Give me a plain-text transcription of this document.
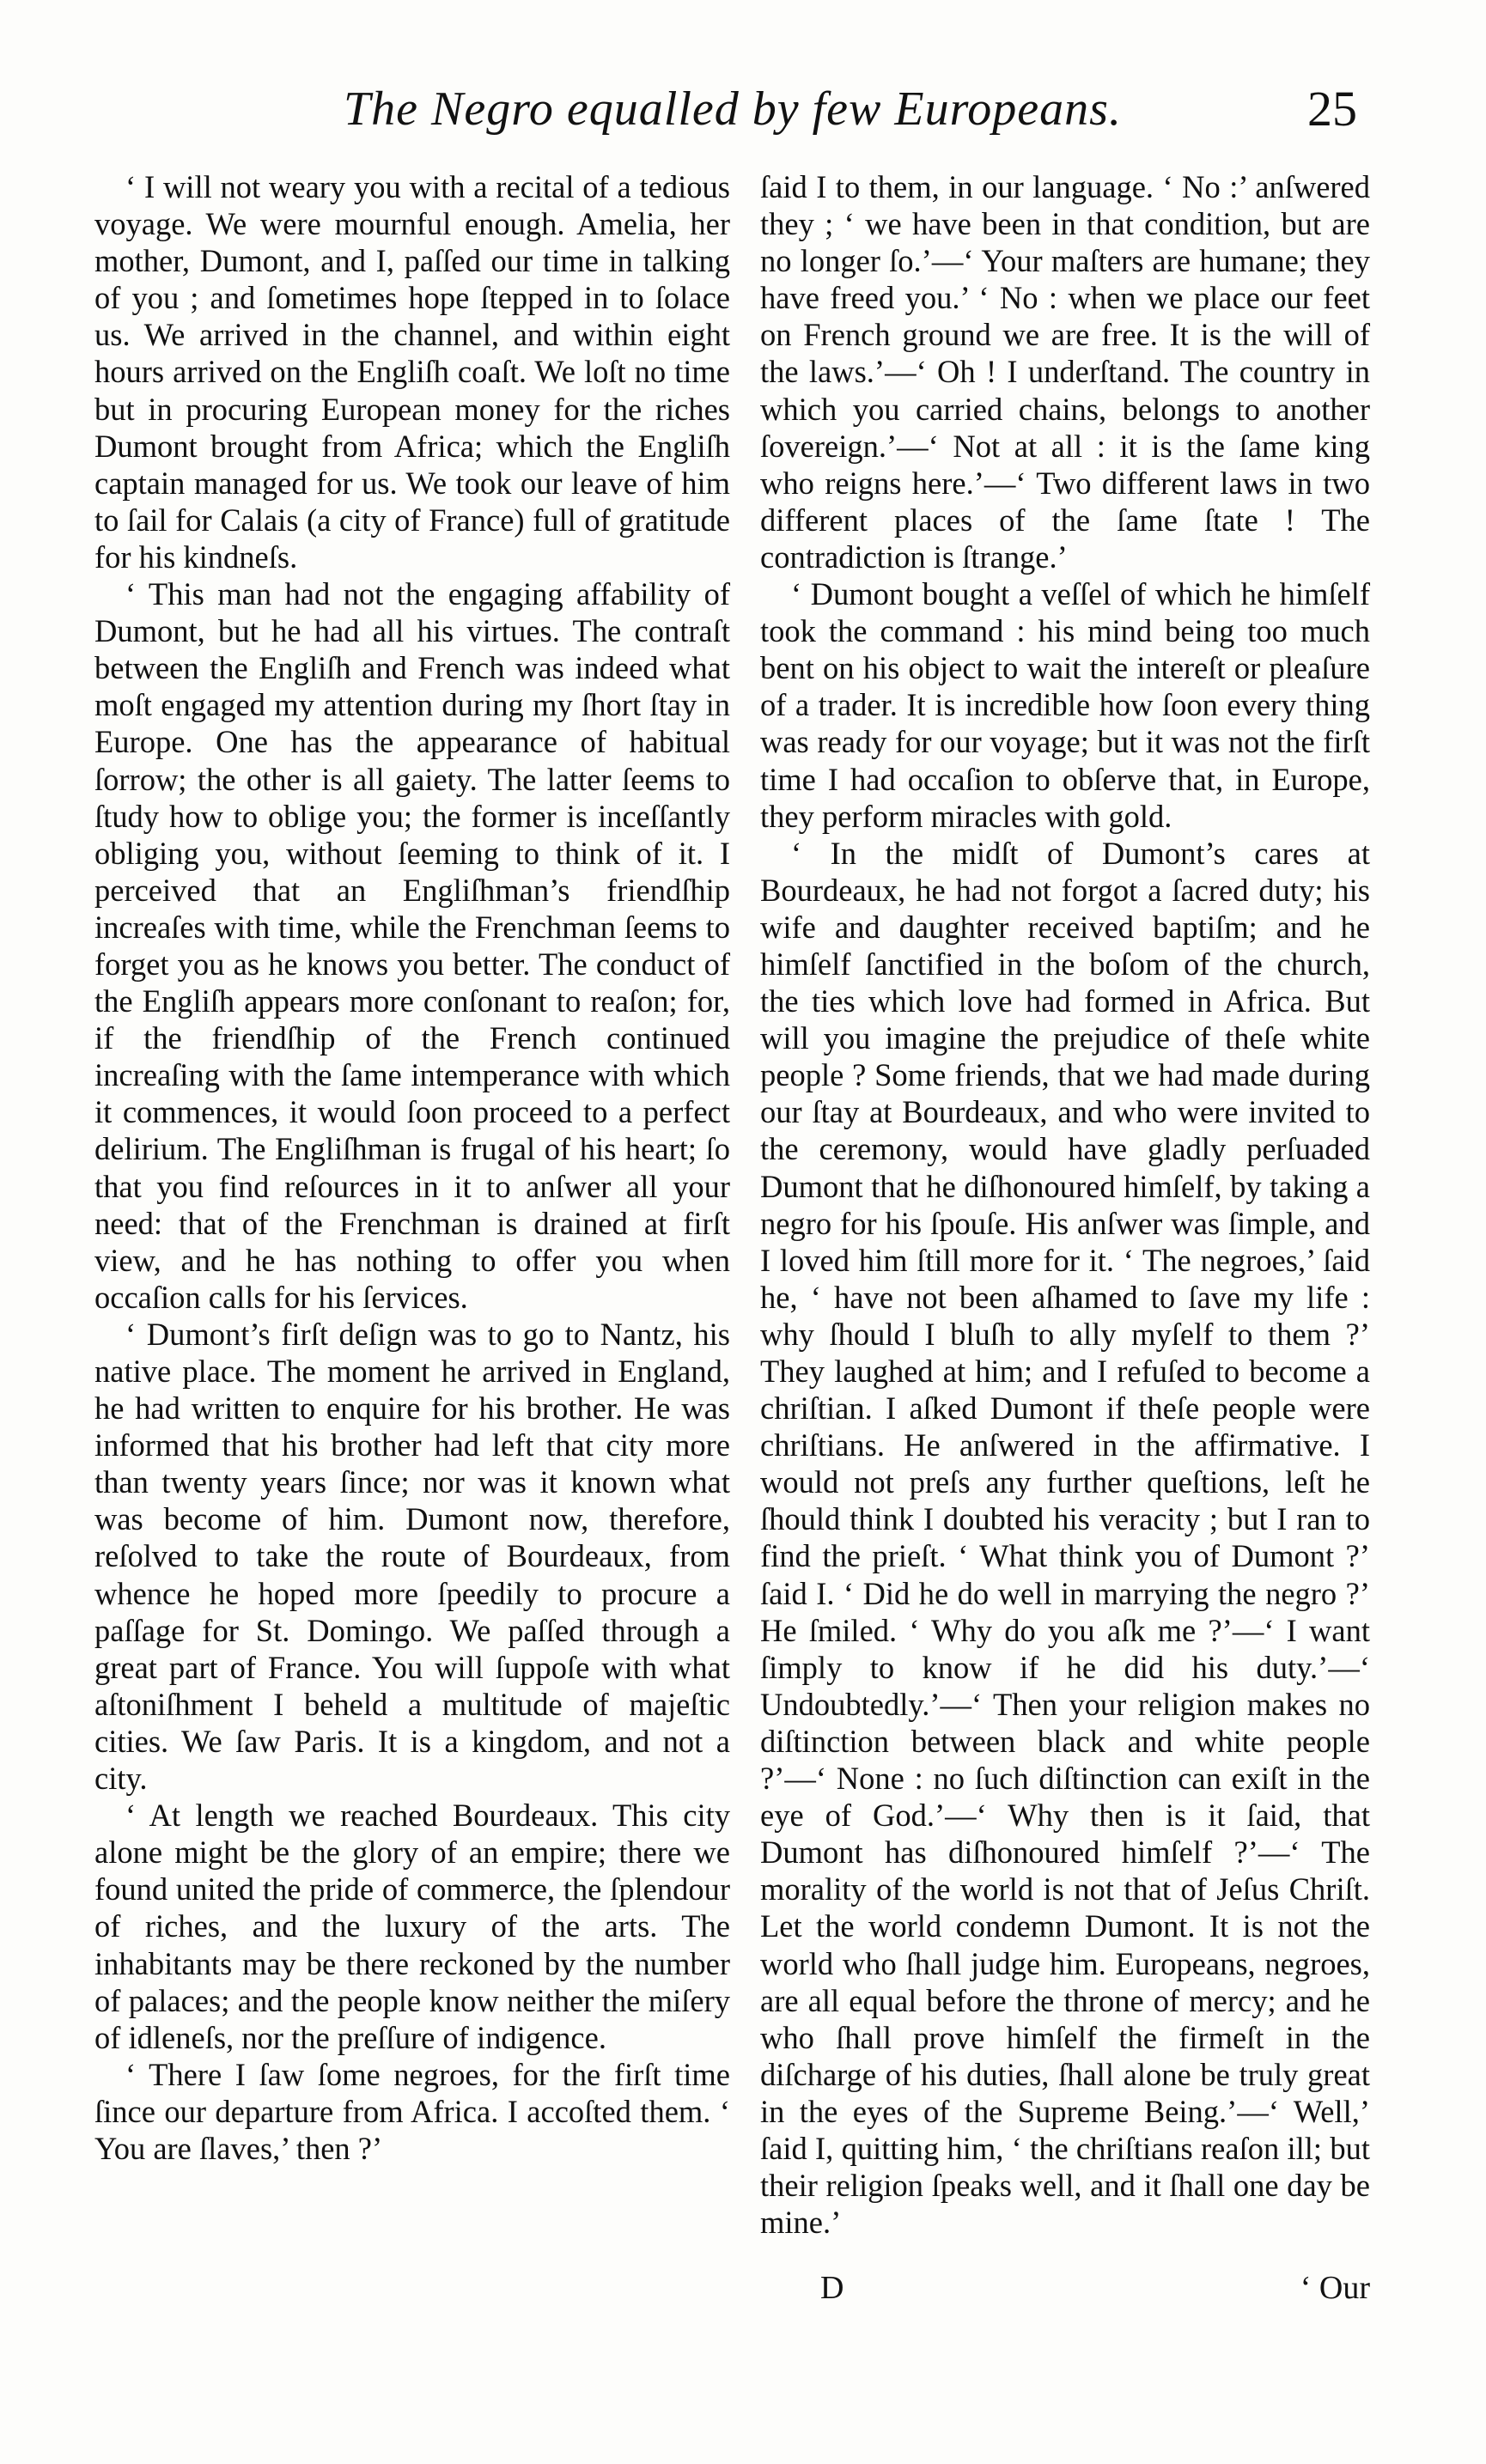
The Negro equalled by few Europeans.	25

‘ I will not weary you with a recital of a tedious voyage. We were mournful enough. Amelia, her mother, Dumont, and I, paſſed our time in talking of you ; and ſometimes hope ſtepped in to ſolace us. We arrived in the channel, and within eight hours arrived on the Engliſh coaſt. We loſt no time but in procuring European money for the riches Dumont brought from Africa; which the Engliſh captain managed for us. We took our leave of him to ſail for Calais (a city of France) full of gratitude for his kindneſs.

‘ This man had not the engaging affability of Dumont, but he had all his virtues. The contraſt between the Engliſh and French was indeed what moſt engaged my attention during my ſhort ſtay in Europe. One has the appearance of habitual ſorrow; the other is all gaiety. The latter ſeems to ſtudy how to oblige you; the former is inceſſantly obliging you, without ſeeming to think of it. I perceived that an Engliſhman’s friendſhip increaſes with time, while the Frenchman ſeems to forget you as he knows you better. The conduct of the Engliſh appears more conſonant to reaſon; for, if the friendſhip of the French continued increaſing with the ſame intemperance with which it commences, it would ſoon proceed to a perfect delirium. The Engliſhman is frugal of his heart; ſo that you find reſources in it to anſwer all your need: that of the Frenchman is drained at firſt view, and he has nothing to offer you when occaſion calls for his ſervices.

‘ Dumont’s firſt deſign was to go to Nantz, his native place. The moment he arrived in England, he had written to enquire for his brother. He was informed that his brother had left that city more than twenty years ſince; nor was it known what was become of him. Dumont now, therefore, reſolved to take the route of Bourdeaux, from whence he hoped more ſpeedily to procure a paſſage for St. Domingo. We paſſed through a great part of France. You will ſuppoſe with what aſtoniſhment I beheld a multitude of majeſtic cities. We ſaw Paris. It is a kingdom, and not a city.

‘ At length we reached Bourdeaux. This city alone might be the glory of an empire; there we found united the pride of commerce, the ſplendour of riches, and the luxury of the arts. The inhabitants may be there reckoned by the number of palaces; and the people know neither the miſery of idleneſs, nor the preſſure of indigence.

‘ There I ſaw ſome negroes, for the firſt time ſince our departure from Africa. I accoſted them. ‘ You are ſlaves,’ then ?’

ſaid I to them, in our language. ‘ No :’ anſwered they ; ‘ we have been in that condition, but are no longer ſo.’—‘ Your maſters are humane; they have freed you.’ ‘ No : when we place our feet on French ground we are free. It is the will of the laws.’—‘ Oh ! I underſtand. The country in which you carried chains, belongs to another ſovereign.’—‘ Not at all : it is the ſame king who reigns here.’—‘ Two different laws in two different places of the ſame ſtate ! The contradiction is ſtrange.’

‘ Dumont bought a veſſel of which he himſelf took the command : his mind being too much bent on his object to wait the intereſt or pleaſure of a trader. It is incredible how ſoon every thing was ready for our voyage; but it was not the firſt time I had occaſion to obſerve that, in Europe, they perform miracles with gold.

‘ In the midſt of Dumont’s cares at Bourdeaux, he had not forgot a ſacred duty; his wife and daughter received baptiſm; and he himſelf ſanctified in the boſom of the church, the ties which love had formed in Africa. But will you imagine the prejudice of theſe white people ? Some friends, that we had made during our ſtay at Bourdeaux, and who were invited to the ceremony, would have gladly perſuaded Dumont that he diſhonoured himſelf, by taking a negro for his ſpouſe. His anſwer was ſimple, and I loved him ſtill more for it. ‘ The negroes,’ ſaid he, ‘ have not been aſhamed to ſave my life : why ſhould I bluſh to ally myſelf to them ?’ They laughed at him; and I refuſed to become a chriſtian. I aſked Dumont if theſe people were chriſtians. He anſwered in the affirmative. I would not preſs any further queſtions, leſt he ſhould think I doubted his veracity ; but I ran to find the prieſt. ‘ What think you of Dumont ?’ ſaid I. ‘ Did he do well in marrying the negro ?’ He ſmiled. ‘ Why do you aſk me ?’—‘ I want ſimply to know if he did his duty.’—‘ Undoubtedly.’—‘ Then your religion makes no diſtinction between black and white people ?’—‘ None : no ſuch diſtinction can exiſt in the eye of God.’—‘ Why then is it ſaid, that Dumont has diſhonoured himſelf ?’—‘ The morality of the world is not that of Jeſus Chriſt. Let the world condemn Dumont. It is not the world who ſhall judge him. Europeans, negroes, are all equal before the throne of mercy; and he who ſhall prove himſelf the firmeſt in the diſcharge of his duties, ſhall alone be truly great in the eyes of the Supreme Being.’—‘ Well,’ ſaid I, quitting him, ‘ the chriſtians reaſon ill; but their religion ſpeaks well, and it ſhall one day be mine.’

D	‘ Our
